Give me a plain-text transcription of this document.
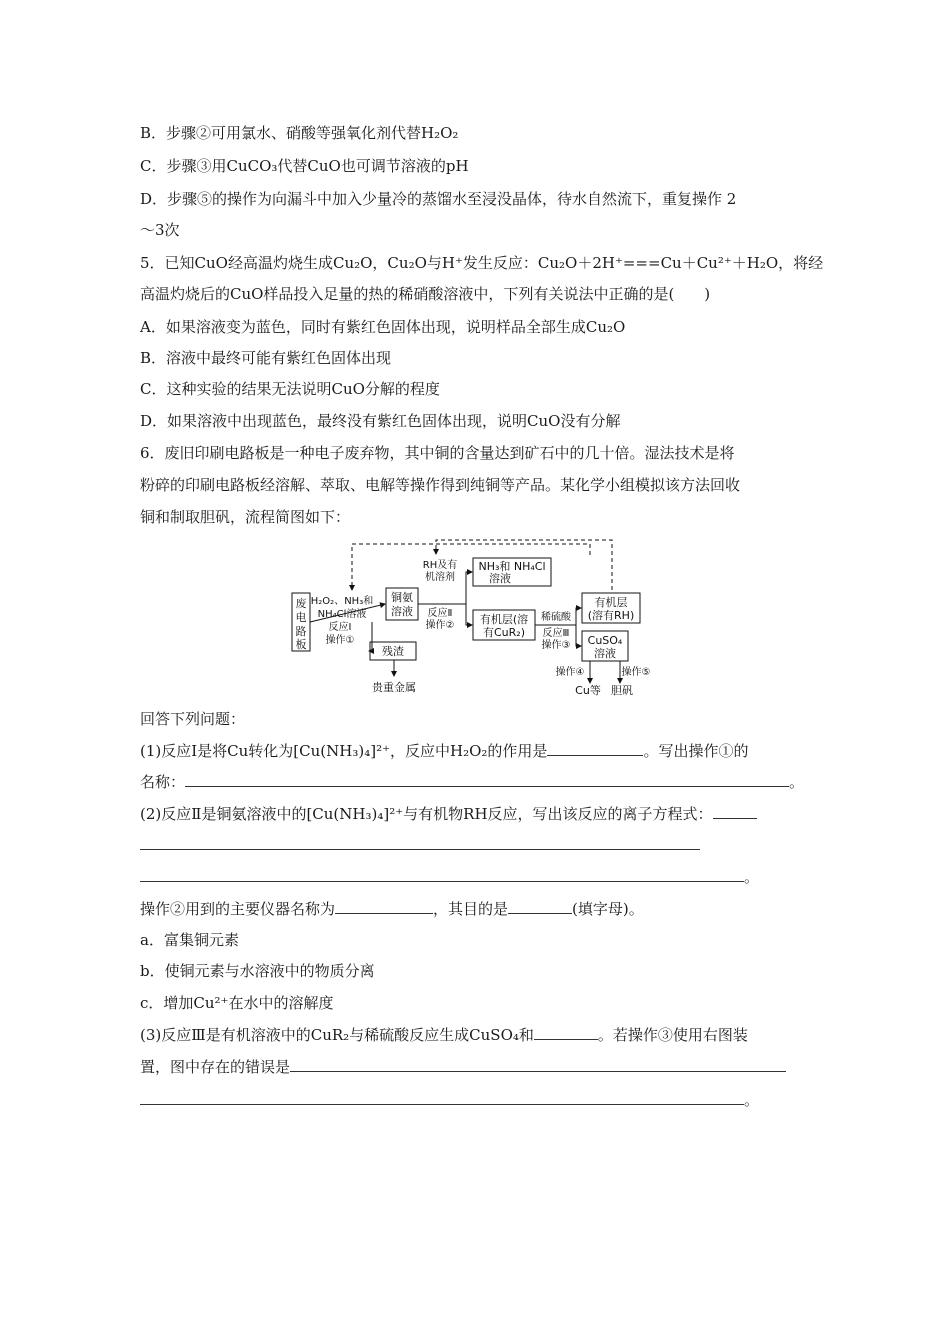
B．步骤②可用氯水、硝酸等强氧化剂代替H₂O₂
C．步骤③用CuCO₃代替CuO也可调节溶液的pH
D．步骤⑤的操作为向漏斗中加入少量冷的蒸馏水至浸没晶体，待水自然流下，重复操作 2
～3次
5．已知CuO经高温灼烧生成Cu₂O，Cu₂O与H⁺发生反应：Cu₂O＋2H⁺===Cu＋Cu²⁺＋H₂O，将经
高温灼烧后的CuO样品投入足量的热的稀硝酸溶液中，下列有关说法中正确的是(　　)
A．如果溶液变为蓝色，同时有紫红色固体出现，说明样品全部生成Cu₂O
B．溶液中最终可能有紫红色固体出现
C．这种实验的结果无法说明CuO分解的程度
D．如果溶液中出现蓝色，最终没有紫红色固体出现，说明CuO没有分解
6．废旧印刷电路板是一种电子废弃物，其中铜的含量达到矿石中的几十倍。湿法技术是将
粉碎的印刷电路板经溶解、萃取、电解等操作得到纯铜等产品。某化学小组模拟该方法回收
铜和制取胆矾，流程简图如下：
废
电
路
板
铜氨
溶液
NH₃和 NH₄Cl
溶液
有机层(溶
有CuR₂)
有机层
(溶有RH)
CuSO₄
溶液
残渣
H₂O₂、NH₃和
NH₄Cl溶液
反应Ⅰ
操作①
RH及有
机溶剂
反应Ⅱ
操作②
稀硫酸
反应Ⅲ
操作③
操作④	操作⑤
贵重金属	Cu等 胆矾
回答下列问题：
(1)反应Ⅰ是将Cu转化为[Cu(NH₃)₄]²⁺，反应中H₂O₂的作用是	。写出操作①的
名称：	。
(2)反应Ⅱ是铜氨溶液中的[Cu(NH₃)₄]²⁺与有机物RH反应，写出该反应的离子方程式：
。
操作②用到的主要仪器名称为	，其目的是	(填字母)。
a．富集铜元素
b．使铜元素与水溶液中的物质分离
c．增加Cu²⁺在水中的溶解度
(3)反应Ⅲ是有机溶液中的CuR₂与稀硫酸反应生成CuSO₄和	。若操作③使用右图装
置，图中存在的错误是
。
